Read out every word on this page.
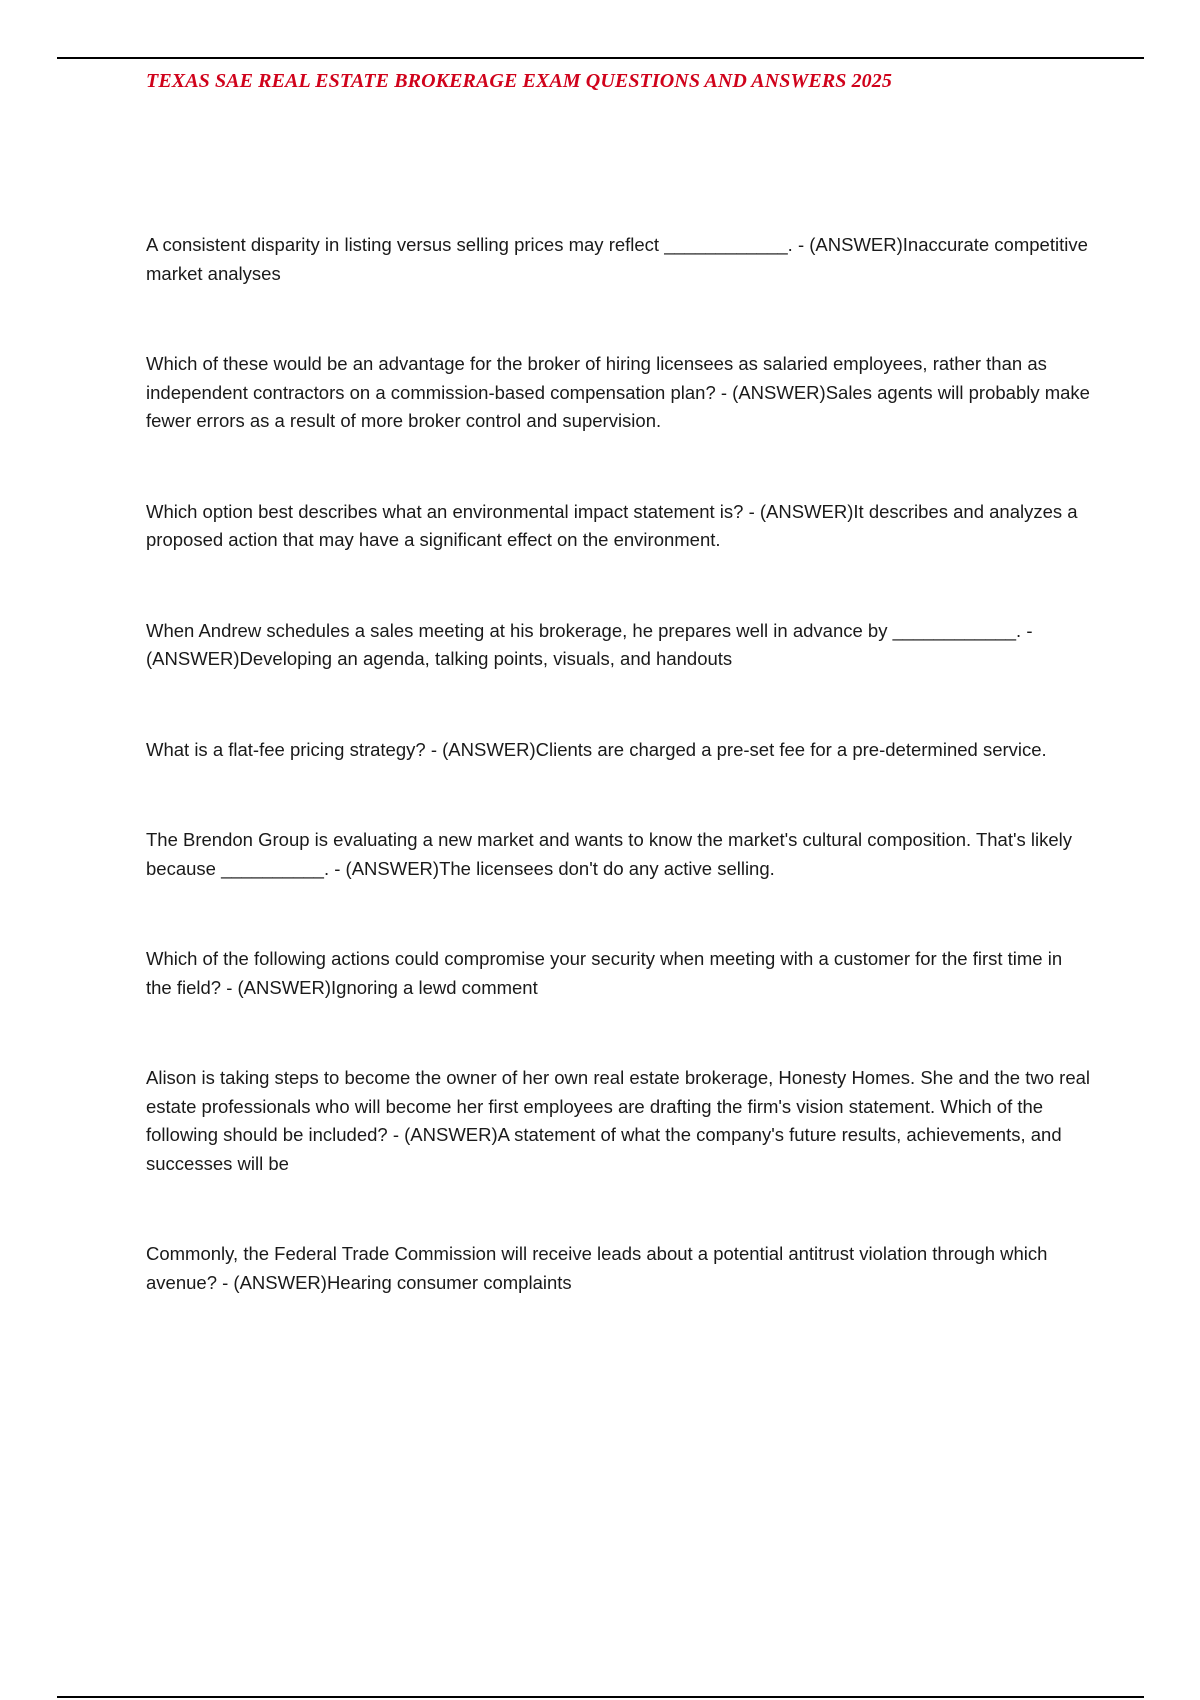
TEXAS SAE REAL ESTATE BROKERAGE EXAM QUESTIONS AND ANSWERS 2025

A consistent disparity in listing versus selling prices may reflect ____________. - (ANSWER)Inaccurate competitive market analyses

Which of these would be an advantage for the broker of hiring licensees as salaried employees, rather than as independent contractors on a commission-based compensation plan? - (ANSWER)Sales agents will probably make fewer errors as a result of more broker control and supervision.

Which option best describes what an environmental impact statement is? - (ANSWER)It describes and analyzes a proposed action that may have a significant effect on the environment.

When Andrew schedules a sales meeting at his brokerage, he prepares well in advance by ____________. - (ANSWER)Developing an agenda, talking points, visuals, and handouts

What is a flat-fee pricing strategy? - (ANSWER)Clients are charged a pre-set fee for a pre-determined service.

The Brendon Group is evaluating a new market and wants to know the market's cultural composition. That's likely because __________. - (ANSWER)The licensees don't do any active selling.

Which of the following actions could compromise your security when meeting with a customer for the first time in the field? - (ANSWER)Ignoring a lewd comment

Alison is taking steps to become the owner of her own real estate brokerage, Honesty Homes. She and the two real estate professionals who will become her first employees are drafting the firm's vision statement. Which of the following should be included? - (ANSWER)A statement of what the company's future results, achievements, and successes will be

Commonly, the Federal Trade Commission will receive leads about a potential antitrust violation through which avenue? - (ANSWER)Hearing consumer complaints
